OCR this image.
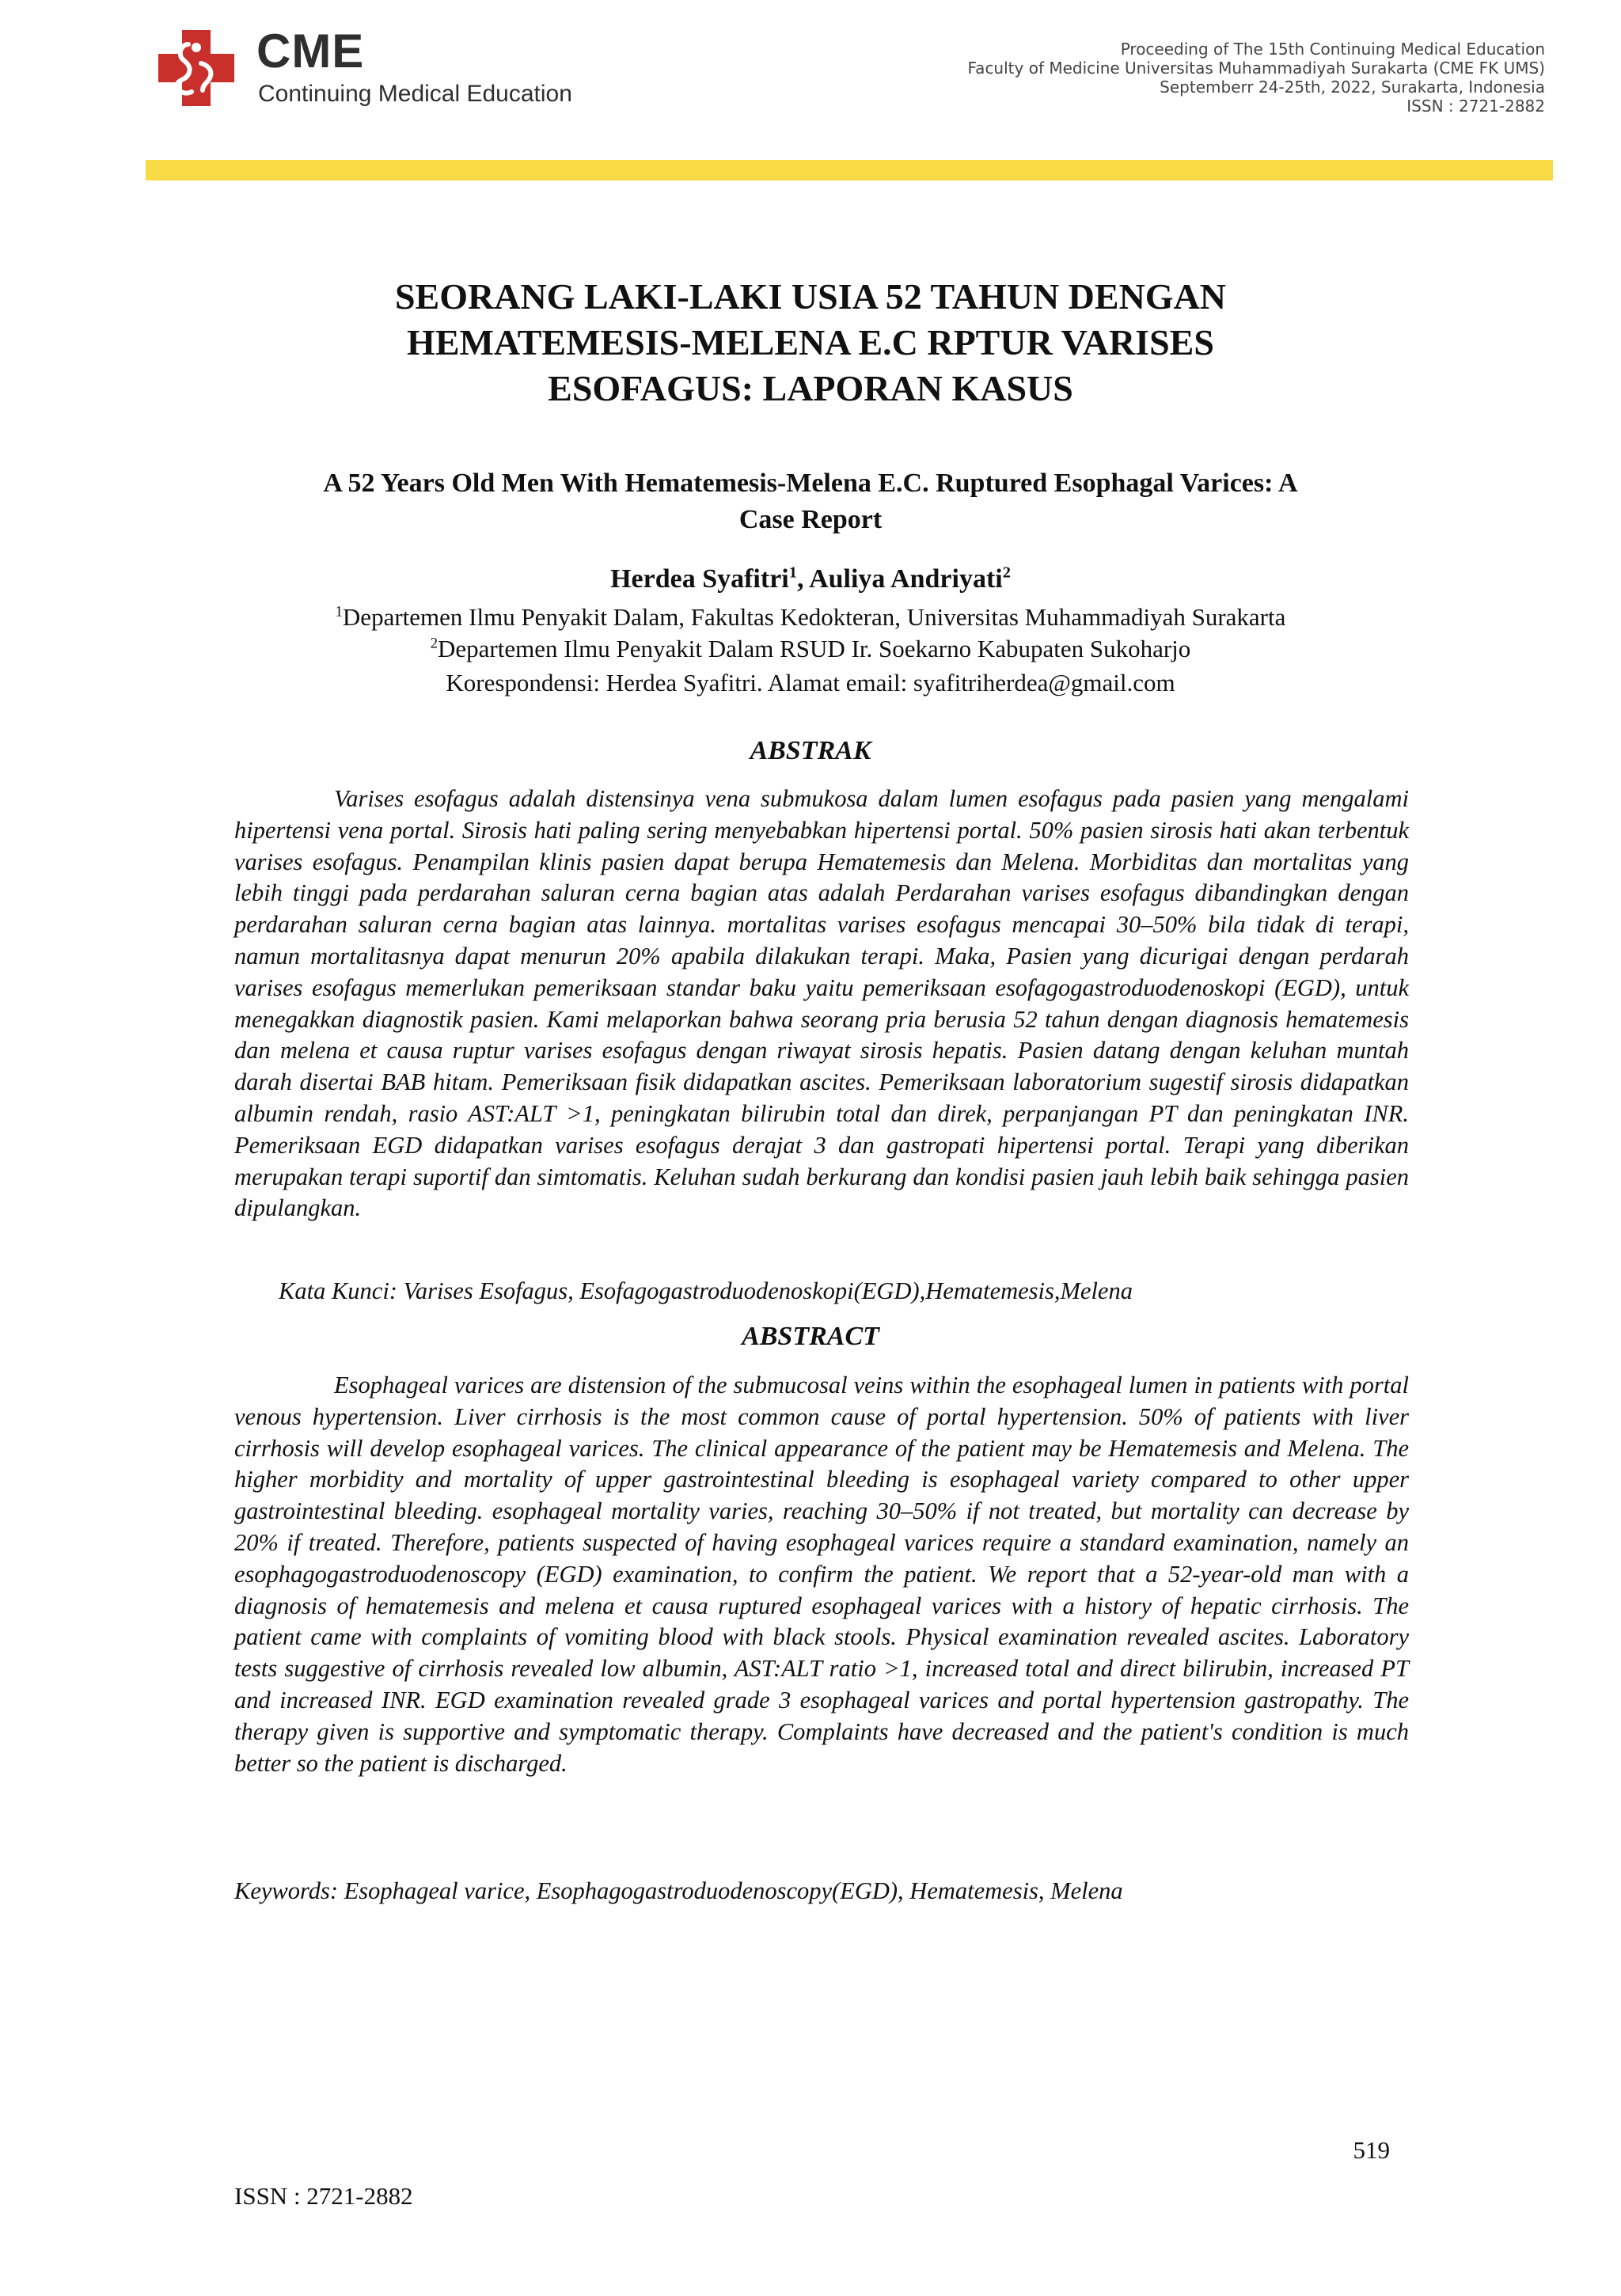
CME
Continuing Medical Education
Proceeding of The 15th Continuing Medical Education
Faculty of Medicine Universitas Muhammadiyah Surakarta (CME FK UMS)
Septemberr 24-25th, 2022, Surakarta, Indonesia
ISSN : 2721-2882
SEORANG LAKI-LAKI USIA 52 TAHUN DENGAN
HEMATEMESIS-MELENA E.C RPTUR VARISES
ESOFAGUS: LAPORAN KASUS
A 52 Years Old Men With Hematemesis-Melena E.C. Ruptured Esophagal Varices: A
Case Report
Herdea Syafitri$^1$, Auliya Andriyati$^2$
$^1$Departemen Ilmu Penyakit Dalam, Fakultas Kedokteran, Universitas Muhammadiyah Surakarta
$^2$Departemen Ilmu Penyakit Dalam RSUD Ir. Soekarno Kabupaten Sukoharjo
Korespondensi: Herdea Syafitri. Alamat email: syafitriherdea@gmail.com
ABSTRAK
Varises esofagus adalah distensinya vena submukosa dalam lumen esofagus pada pasien yang mengalami hipertensi vena portal. Sirosis hati paling sering menyebabkan hipertensi portal. 50% pasien sirosis hati akan terbentuk varises esofagus. Penampilan klinis pasien dapat berupa Hematemesis dan Melena. Morbiditas dan mortalitas yang lebih tinggi pada perdarahan saluran cerna bagian atas adalah Perdarahan varises esofagus dibandingkan dengan perdarahan saluran cerna bagian atas lainnya. mortalitas varises esofagus mencapai 30–50% bila tidak di terapi, namun mortalitasnya dapat menurun 20% apabila dilakukan terapi. Maka, Pasien yang dicurigai dengan perdarah varises esofagus memerlukan pemeriksaan standar baku yaitu pemeriksaan esofagogastroduodenoskopi (EGD), untuk menegakkan diagnostik pasien. Kami melaporkan bahwa seorang pria berusia 52 tahun dengan diagnosis hematemesis dan melena et causa ruptur varises esofagus dengan riwayat sirosis hepatis. Pasien datang dengan keluhan muntah darah disertai BAB hitam. Pemeriksaan fisik didapatkan ascites. Pemeriksaan laboratorium sugestif sirosis didapatkan albumin rendah, rasio AST:ALT >1, peningkatan bilirubin total dan direk, perpanjangan PT dan peningkatan INR. Pemeriksaan EGD didapatkan varises esofagus derajat 3 dan gastropati hipertensi portal. Terapi yang diberikan merupakan terapi suportif dan simtomatis. Keluhan sudah berkurang dan kondisi pasien jauh lebih baik sehingga pasien dipulangkan.
Kata Kunci: Varises Esofagus, Esofagogastroduodenoskopi(EGD),Hematemesis,Melena
ABSTRACT
Esophageal varices are distension of the submucosal veins within the esophageal lumen in patients with portal venous hypertension. Liver cirrhosis is the most common cause of portal hypertension. 50% of patients with liver cirrhosis will develop esophageal varices. The clinical appearance of the patient may be Hematemesis and Melena. The higher morbidity and mortality of upper gastrointestinal bleeding is esophageal variety compared to other upper gastrointestinal bleeding. esophageal mortality varies, reaching 30–50% if not treated, but mortality can decrease by 20% if treated. Therefore, patients suspected of having esophageal varices require a standard examination, namely an esophagogastroduodenoscopy (EGD) examination, to confirm the patient. We report that a 52-year-old man with a diagnosis of hematemesis and melena et causa ruptured esophageal varices with a history of hepatic cirrhosis. The patient came with complaints of vomiting blood with black stools. Physical examination revealed ascites. Laboratory tests suggestive of cirrhosis revealed low albumin, AST:ALT ratio >1, increased total and direct bilirubin, increased PT and increased INR. EGD examination revealed grade 3 esophageal varices and portal hypertension gastropathy. The therapy given is supportive and symptomatic therapy. Complaints have decreased and the patient's condition is much better so the patient is discharged.
Keywords: Esophageal varice, Esophagogastroduodenoscopy(EGD), Hematemesis, Melena
519
ISSN : 2721-2882
